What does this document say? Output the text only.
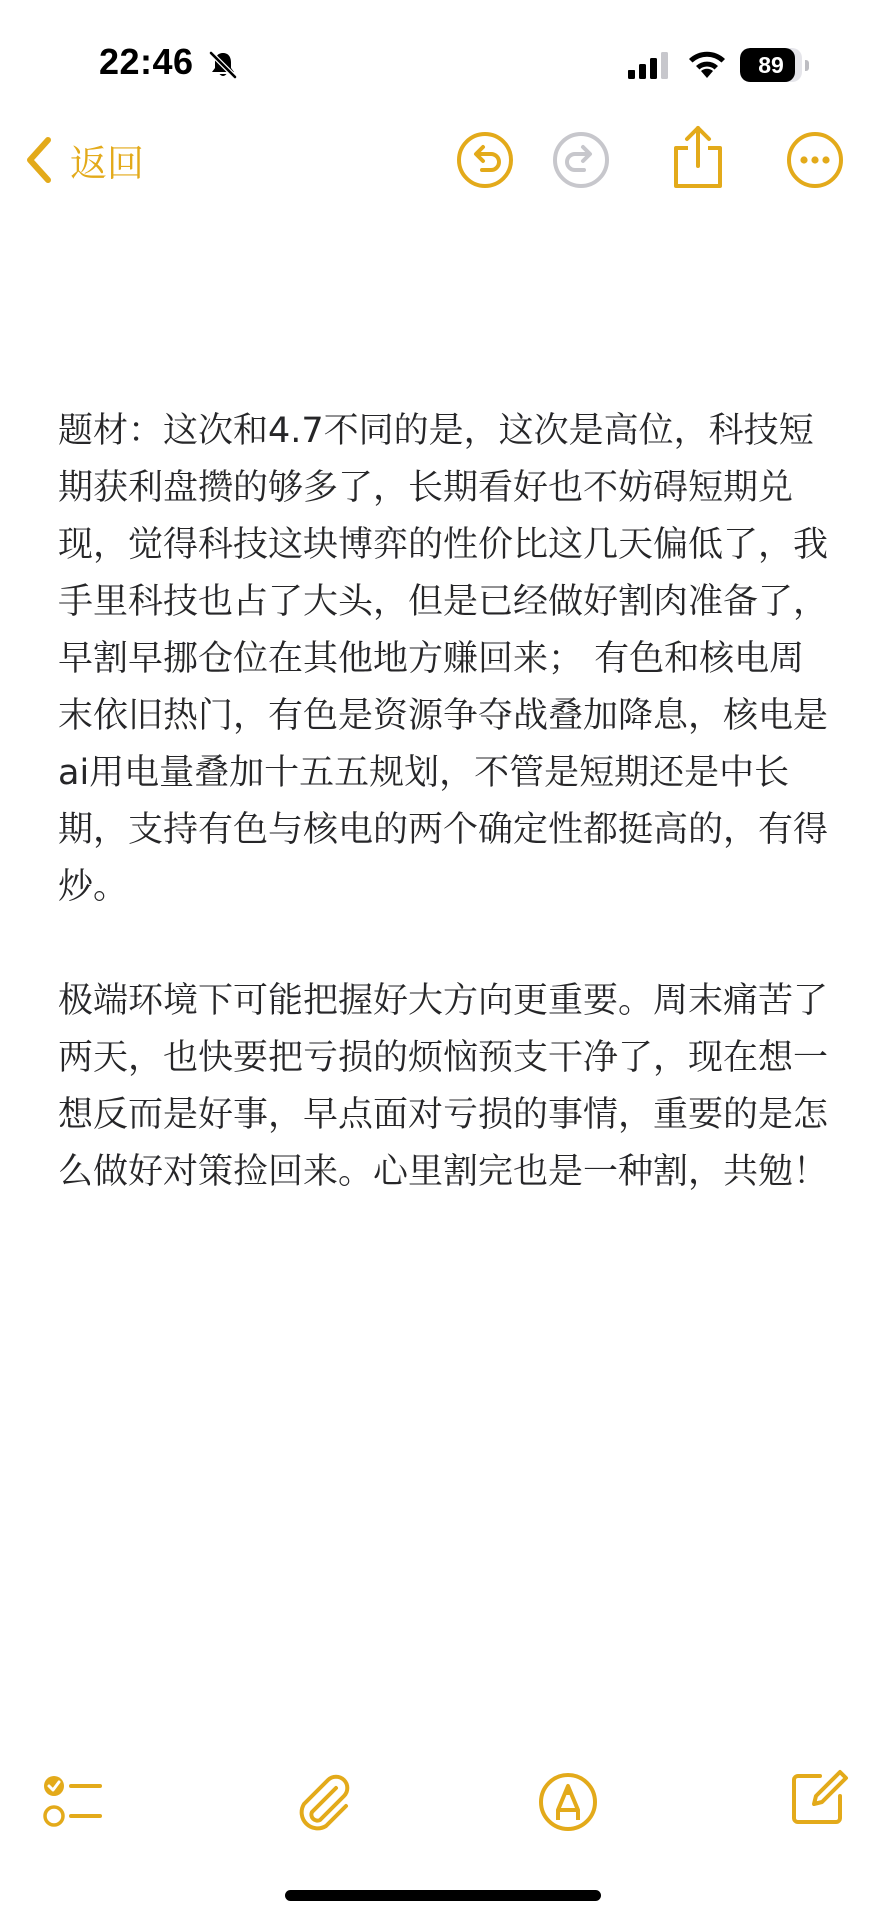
22:46	89
返回

题材：这次和4.7不同的是，这次是高位，科技短期获利盘攒的够多了，长期看好也不妨碍短期兑现，觉得科技这块博弈的性价比这几天偏低了，我手里科技也占了大头，但是已经做好割肉准备了，早割早挪仓位在其他地方赚回来； 有色和核电周末依旧热门，有色是资源争夺战叠加降息，核电是ai用电量叠加十五五规划，不管是短期还是中长期，支持有色与核电的两个确定性都挺高的，有得炒。

极端环境下可能把握好大方向更重要。周末痛苦了两天，也快要把亏损的烦恼预支干净了，现在想一想反而是好事，早点面对亏损的事情，重要的是怎么做好对策捡回来。心里割完也是一种割，共勉！
